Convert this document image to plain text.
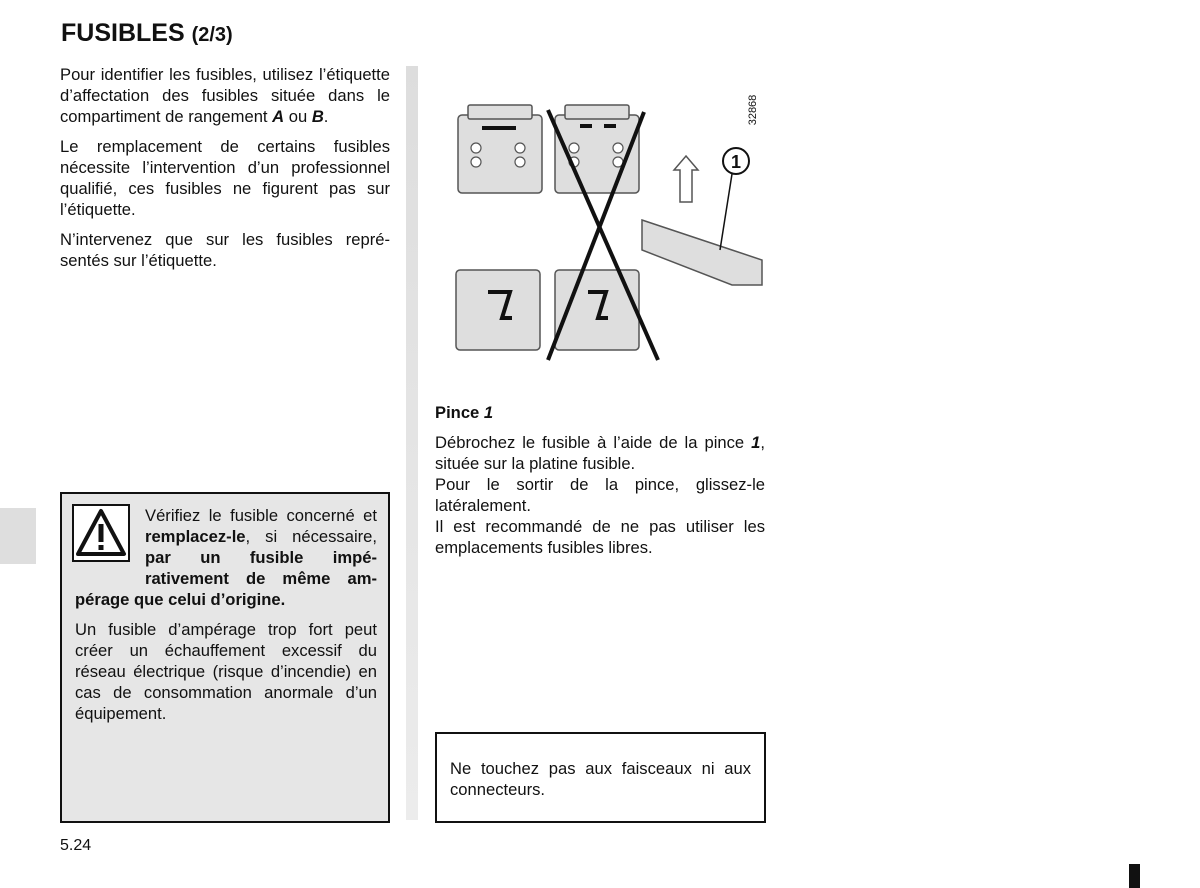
FUSIBLES (2/3)

Pour identifier les fusibles, utilisez l’étiquette d’affectation des fusibles située dans le compartiment de rangement A ou B.

Le remplacement de certains fusibles nécessite l’intervention d’un professionnel qualifié, ces fusibles ne figurent pas sur l’étiquette.

N’intervenez que sur les fusibles représentés sur l’étiquette.

Vérifiez le fusible concerné et remplacez-le, si nécessaire, par un fusible impérativement de même ampérage que celui d’origine.

Un fusible d’ampérage trop fort peut créer un échauffement excessif du réseau électrique (risque d’incendie) en cas de consommation anormale d’un équipement.

1
32868

Pince 1

Débrochez le fusible à l’aide de la pince 1, située sur la platine fusible.

Pour le sortir de la pince, glissez-le latéralement.

Il est recommandé de ne pas utiliser les emplacements fusibles libres.

Ne touchez pas aux faisceaux ni aux connecteurs.

5.24
